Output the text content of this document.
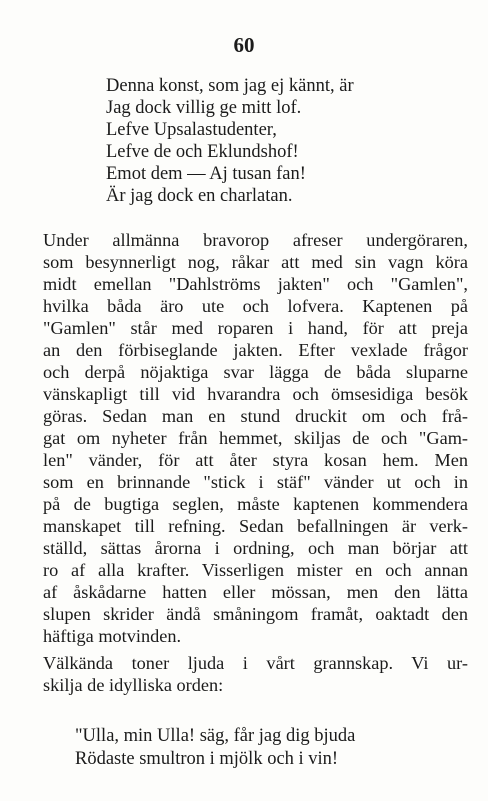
60
Denna konst, som jag ej kännt, är
Jag dock villig ge mitt lof.
Lefve Upsalastudenter,
Lefve de och Eklundshof!
Emot dem — Aj tusan fan!
Är jag dock en charlatan.
Under allmänna bravorop afreser undergöraren,
som besynnerligt nog, råkar att med sin vagn köra
midt emellan "Dahlströms jakten" och "Gamlen",
hvilka båda äro ute och lofvera. Kaptenen på
"Gamlen" står med roparen i hand, för att preja
an den förbiseglande jakten. Efter vexlade frågor
och derpå nöjaktiga svar lägga de båda sluparne
vänskapligt till vid hvarandra och ömsesidiga besök
göras. Sedan man en stund druckit om och frå-
gat om nyheter från hemmet, skiljas de och "Gam-
len" vänder, för att åter styra kosan hem. Men
som en brinnande "stick i stäf" vänder ut och in
på de bugtiga seglen, måste kaptenen kommendera
manskapet till refning. Sedan befallningen är verk-
ställd, sättas årorna i ordning, och man börjar att
ro af alla krafter. Visserligen mister en och annan
af åskådarne hatten eller mössan, men den lätta
slupen skrider ändå småningom framåt, oaktadt den
häftiga motvinden.
Välkända toner ljuda i vårt grannskap. Vi ur-
skilja de idylliska orden:
"Ulla, min Ulla! säg, får jag dig bjuda
Rödaste smultron i mjölk och i vin!
